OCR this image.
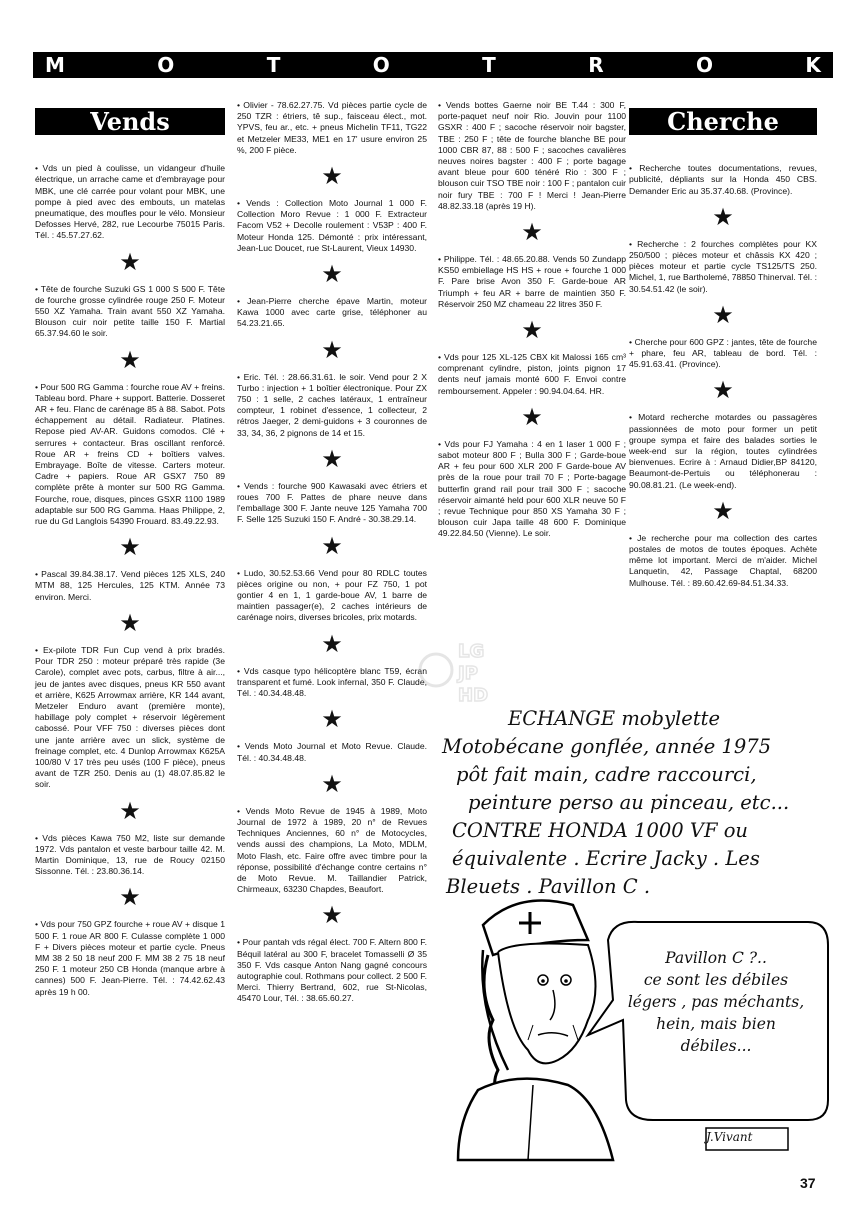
M	O	T	O	T	R	O	K
Vends

• Vds un pied à coulisse, un vidangeur d'huile électrique, un arrache came et d'embrayage pour MBK, une clé carrée pour volant pour MBK, une pompe à pied avec des embouts, un matelas pneumatique, des moufles pour le vélo. Monsieur Defosses Hervé, 282, rue Lecourbe 75015 Paris. Tél. : 45.57.27.62.

★

• Tête de fourche Suzuki GS 1 000 S 500 F. Tête de fourche grosse cylindrée rouge 250 F. Moteur 550 XZ Yamaha. Train avant 550 XZ Yamaha. Blouson cuir noir petite taille 150 F. Martial 65.37.94.60 le soir.

★

• Pour 500 RG Gamma : fourche roue AV + freins. Tableau bord. Phare + support. Batterie. Dosseret AR + feu. Flanc de carénage 85 à 88. Sabot. Pots échappement au détail. Radiateur. Platines. Repose pied AV-AR. Guidons comodos. Clé + serrures + contacteur. Bras oscillant renforcé. Roue AR + freins CD + boîtiers valves. Embrayage. Boîte de vitesse. Carters moteur. Cadre + papiers. Roue AR GSX7 750 89 complète prête à monter sur 500 RG Gamma. Fourche, roue, disques, pinces GSXR 1100 1989 adaptable sur 500 RG Gamma. Haas Philippe, 2, rue du Gd Langlois 54390 Frouard. 83.49.22.93.

★

• Pascal 39.84.38.17. Vend pièces 125 XLS, 240 MTM 88, 125 Hercules, 125 KTM. Année 73 environ. Merci.

★

• Ex-pilote TDR Fun Cup vend à prix bradés. Pour TDR 250 : moteur préparé très rapide (3e Carole), complet avec pots, carbus, filtre à air..., jeu de jantes avec disques, pneus KR 550 avant et arrière, K625 Arrowmax arrière, KR 144 avant, Metzeler Enduro avant (première monte), habillage poly complet + réservoir légèrement cabossé. Pour VFF 750 : diverses pièces dont une jante arrière avec un slick, système de freinage complet, etc. 4 Dunlop Arrowmax K625A 100/80 V 17 très peu usés (100 F pièce), pneus avant de TZR 250. Denis au (1) 48.07.85.82 le soir.

★

• Vds pièces Kawa 750 M2, liste sur demande 1972. Vds pantalon et veste barbour taille 42. M. Martin Dominique, 13, rue de Roucy 02150 Sissonne. Tél. : 23.80.36.14.

★

• Vds pour 750 GPZ fourche + roue AV + disque 1 500 F. 1 roue AR 800 F. Culasse complète 1 000 F + Divers pièces moteur et partie cycle. Pneus MM 38 2 50 18 neuf 200 F. MM 38 2 75 18 neuf 250 F. 1 moteur 250 CB Honda (manque arbre à cannes) 500 F. Jean-Pierre. Tél. : 74.42.62.43 après 19 h 00.

• Olivier - 78.62.27.75. Vd pièces partie cycle de 250 TZR : étriers, tê sup., faisceau élect., mot. YPVS, feu ar., etc. + pneus Michelin TF11, TG22 et Metzeler ME33, ME1 en 17' usure environ 25 %, 200 F pièce.

★

• Vends : Collection Moto Journal 1 000 F. Collection Moro Revue : 1 000 F. Extracteur Facom V52 + Decolle roulement : V53P : 400 F. Moteur Honda 125. Démonté : prix intéressant, Jean-Luc Doucet, rue St-Laurent, Vieux 14930.

★

• Jean-Pierre cherche épave Martin, moteur Kawa 1000 avec carte grise, téléphoner au 54.23.21.65.

★

• Eric. Tél. : 28.66.31.61. le soir. Vend pour 2 X Turbo : injection + 1 boîtier électronique. Pour ZX 750 : 1 selle, 2 caches latéraux, 1 entraîneur compteur, 1 robinet d'essence, 1 collecteur, 2 rétros Jaeger, 2 demi-guidons + 3 couronnes de 33, 34, 36, 2 pignons de 14 et 15.

★

• Vends : fourche 900 Kawasaki avec étriers et roues 700 F. Pattes de phare neuve dans l'emballage 300 F. Jante neuve 125 Yamaha 700 F. Selle 125 Suzuki 150 F. André - 30.38.29.14.

★

• Ludo, 30.52.53.66 Vend pour 80 RDLC toutes pièces origine ou non, + pour FZ 750, 1 pot gontier 4 en 1, 1 garde-boue AV, 1 barre de maintien passager(e), 2 caches intérieurs de carénage noirs, diverses bricoles, prix motards.

★

• Vds casque typo hélicoptère blanc T59, écran transparent et fumé. Look infernal, 350 F. Claude, Tél. : 40.34.48.48.

★

• Vends Moto Journal et Moto Revue. Claude. Tél. : 40.34.48.48.

★

• Vends Moto Revue de 1945 à 1989, Moto Journal de 1972 à 1989, 20 n° de Revues Techniques Anciennes, 60 n° de Motocycles, vends aussi des champions, La Moto, MDLM, Moto Flash, etc. Faire offre avec timbre pour la réponse, possibilité d'échange contre certains n° de Moto Revue. M. Taillandier Patrick, Chirmeaux, 63230 Chapdes, Beaufort.

★

• Pour pantah vds régal élect. 700 F. Altern 800 F. Béquil latéral au 300 F, bracelet Tomasselli Ø 35 350 F. Vds casque Anton Nang gagné concours autographie coul. Rothmans pour collect. 2 500 F. Merci. Thierry Bertrand, 602, rue St-Nicolas, 45470 Lour, Tél. : 38.65.60.27.

• Vends bottes Gaerne noir BE T.44 : 300 F, porte-paquet neuf noir Rio. Jouvin pour 1100 GSXR : 400 F ; sacoche réservoir noir bagster, TBE : 250 F ; tête de fourche blanche BE pour 1000 CBR 87, 88 : 500 F ; sacoches cavalières neuves noires bagster : 400 F ; porte bagage avant bleue pour 600 ténéré Rio : 300 F ; blouson cuir TSO TBE noir : 100 F ; pantalon cuir noir fury TBE : 700 F ! Merci ! Jean-Pierre 48.82.33.18 (après 19 H).

★

• Philippe. Tél. : 48.65.20.88. Vends 50 Zundapp KS50 embiellage HS HS + roue + fourche 1 000 F. Pare brise Avon 350 F. Garde-boue AR Triumph + feu AR + barre de maintien 350 F. Réservoir 250 MZ chameau 22 litres 350 F.

★

• Vds pour 125 XL-125 CBX kit Malossi 165 cm³ comprenant cylindre, piston, joints pignon 17 dents neuf jamais monté 600 F. Envoi contre remboursement. Appeler : 90.94.04.64. HR.

★

• Vds pour FJ Yamaha : 4 en 1 laser 1 000 F ; sabot moteur 800 F ; Bulla 300 F ; Garde-boue AR + feu pour 600 XLR 200 F Garde-boue AV près de la roue pour trail 70 F ; Porte-bagage butterfin grand rail pour trail 300 F ; sacoche réservoir aimanté held pour 600 XLR neuve 50 F ; revue Technique pour 850 XS Yamaha 30 F ; blouson cuir Japa taille 48 600 F. Dominique 49.22.84.50 (Vienne). Le soir.

Cherche

• Recherche toutes documentations, revues, publicité, dépliants sur la Honda 450 CBS. Demander Eric au 35.37.40.68. (Province).

★

• Recherche : 2 fourches complètes pour KX 250/500 ; pièces moteur et châssis KX 420 ; pièces moteur et partie cycle TS125/TS 250. Michel, 1, rue Bartholemé, 78850 Thinerval. Tél. : 30.54.51.42 (le soir).

★

• Cherche pour 600 GPZ : jantes, tête de fourche + phare, feu AR, tableau de bord. Tél. : 45.91.63.41. (Province).

★

• Motard recherche motardes ou passagères passionnées de moto pour former un petit groupe sympa et faire des balades sorties le week-end sur la région, toutes cylindrées bienvenues. Ecrire à : Arnaud Didier,BP 84120, Beaumont-de-Pertuis ou téléphonerau : 90.08.81.21. (Le week-end).

★

• Je recherche pour ma collection des cartes postales de motos de toutes époques. Achète même lot important. Merci de m'aider. Michel Lanquetin, 42, Passage Chaptal, 68200 Mulhouse. Tél. : 89.60.42.69-84.51.34.33.

LG
JP
HD
ECHANGE mobylette
Motobécane gonflée, année 1975
pôt fait main, cadre raccourci,
peinture perso au pinceau, etc...
CONTRE HONDA 1000 VF ou
équivalente . Ecrire Jacky . Les
Bleuets . Pavillon C .
Pavillon C ?..
ce sont les débiles
légers , pas méchants,
hein, mais bien
débiles...
J.Vivant
37
